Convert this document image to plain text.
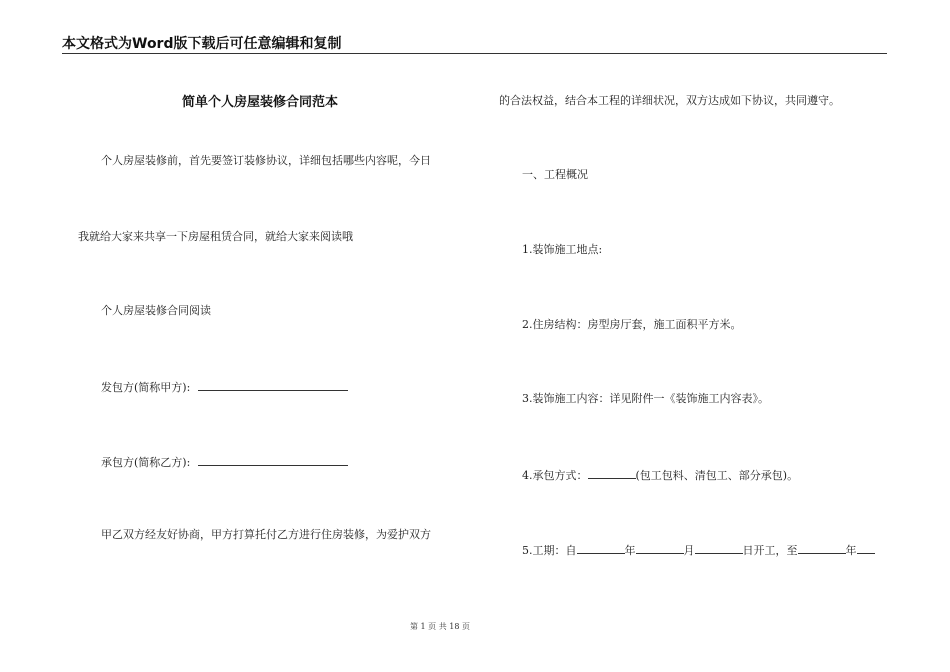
本文格式为Word版下载后可任意编辑和复制
简单个人房屋装修合同范本
个人房屋装修前，首先要签订装修协议，详细包括哪些内容呢，今日
我就给大家来共享一下房屋租赁合同，就给大家来阅读哦
个人房屋装修合同阅读
发包方(简称甲方):
承包方(简称乙方):
甲乙双方经友好协商，甲方打算托付乙方进行住房装修，为爱护双方
的合法权益，结合本工程的详细状况，双方达成如下协议，共同遵守。
一、工程概况
1.装饰施工地点:
2.住房结构：房型房厅套，施工面积平方米。
3.装饰施工内容：详见附件一《装饰施工内容表》。
4.承包方式：	(包工包料、清包工、部分承包)。
5.工期：自	年	月	日开工，至	年
第 1 页 共 18 页
